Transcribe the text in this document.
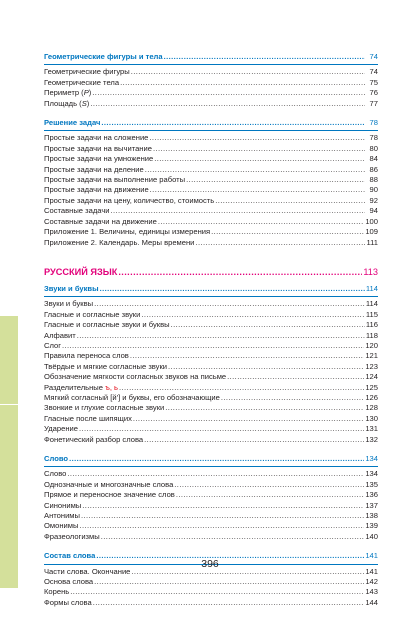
Геометрические фигуры и тела .....	74
Геометрические фигуры .....	74
Геометрические тела .....	75
Периметр (P) .....	76
Площадь (S) .....	77
Решение задач .....	78
Простые задачи на сложение .....	78
Простые задачи на вычитание .....	80
Простые задачи на умножение .....	84
Простые задачи на деление .....	86
Простые задачи на выполнение работы .....	88
Простые задачи на движение .....	90
Простые задачи на цену, количество, стоимость .....	92
Составные задачи .....	94
Составные задачи на движение .....	100
Приложение 1. Величины, единицы измерения .....	109
Приложение 2. Календарь. Меры времени .....	111
РУССКИЙ ЯЗЫК .....	113
Звуки и буквы .....	114
Звуки и буквы .....	114
Гласные и согласные звуки .....	115
Гласные и согласные звуки и буквы .....	116
Алфавит .....	118
Слог .....	120
Правила переноса слов .....	121
Твёрдые и мягкие согласные звуки .....	123
Обозначение мягкости согласных звуков на письме .....	124
Разделительные ъ, ь .....	125
Мягкий согласный [й'] и буквы, его обозначающие .....	126
Звонкие и глухие согласные звуки .....	128
Гласные после шипящих .....	130
Ударение .....	131
Фонетический разбор слова .....	132
Слово .....	134
Слово .....	134
Однозначные и многозначные слова .....	135
Прямое и переносное значение слов .....	136
Синонимы .....	137
Антонимы .....	138
Омонимы .....	139
Фразеологизмы .....	140
Состав слова .....	141
Части слова. Окончание .....	141
Основа слова .....	142
Корень .....	143
Формы слова .....	144
396
